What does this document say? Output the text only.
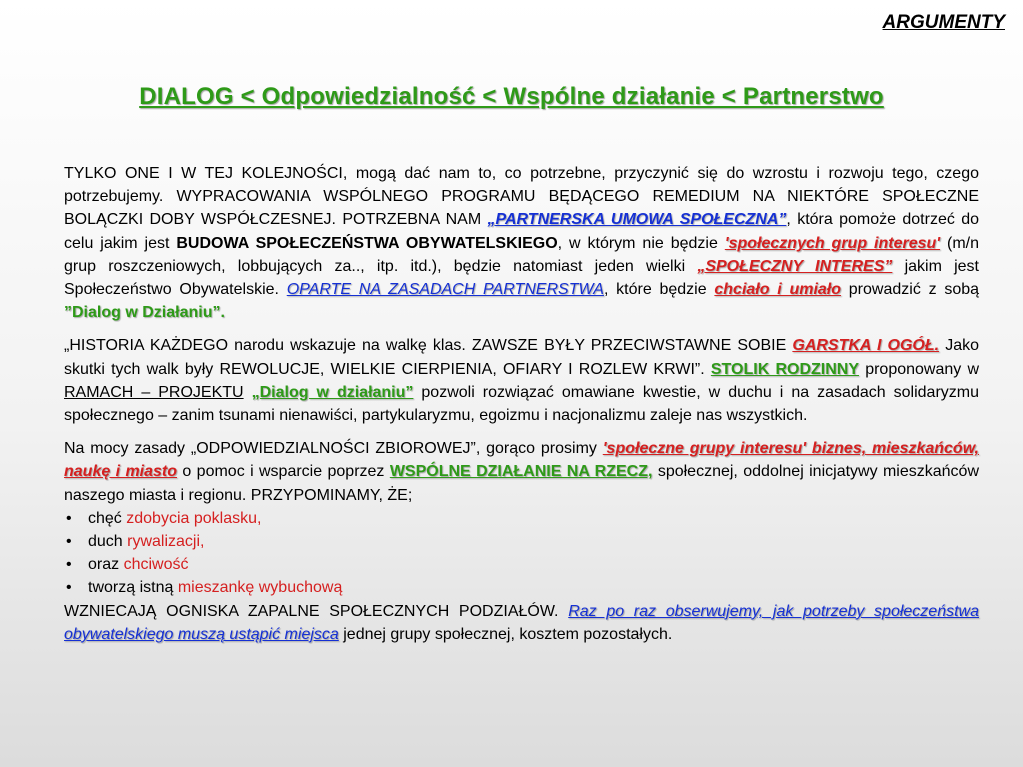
ARGUMENTY
DIALOG < Odpowiedzialność < Wspólne działanie < Partnerstwo

TYLKO ONE I W TEJ KOLEJNOŚCI, mogą dać nam to, co potrzebne, przyczynić się do wzrostu i rozwoju tego, czego potrzebujemy. WYPRACOWANIA WSPÓLNEGO PROGRAMU BĘDĄCEGO REMEDIUM NA NIEKTÓRE SPOŁECZNE BOLĄCZKI DOBY WSPÓŁCZESNEJ. POTRZEBNA NAM „PARTNERSKA UMOWA SPOŁECZNA”, która pomoże dotrzeć do celu jakim jest BUDOWA SPOŁECZEŃSTWA OBYWATELSKIEGO, w którym nie będzie 'społecznych grup interesu' (m/n grup roszczeniowych, lobbujących za.., itp. itd.), będzie natomiast jeden wielki „SPOŁECZNY INTERES” jakim jest Społeczeństwo Obywatelskie. OPARTE NA ZASADACH PARTNERSTWA, które będzie chciało i umiało prowadzić z sobą ”Dialog w Działaniu”.

„HISTORIA KAŻDEGO narodu wskazuje na walkę klas. ZAWSZE BYŁY PRZECIWSTAWNE SOBIE GARSTKA I OGÓŁ. Jako skutki tych walk były REWOLUCJE, WIELKIE CIERPIENIA, OFIARY I ROZLEW KRWI”. STOLIK RODZINNY proponowany w RAMACH – PROJEKTU „Dialog w działaniu” pozwoli rozwiązać omawiane kwestie, w duchu i na zasadach solidaryzmu społecznego – zanim tsunami nienawiści, partykularyzmu, egoizmu i nacjonalizmu zaleje nas wszystkich.

Na mocy zasady „ODPOWIEDZIALNOŚCI ZBIOROWEJ”, gorąco prosimy 'społeczne grupy interesu' biznes, mieszkańców, naukę i miasto o pomoc i wsparcie poprzez WSPÓLNE DZIAŁANIE NA RZECZ, społecznej, oddolnej inicjatywy mieszkańców naszego miasta i regionu. PRZYPOMINAMY, ŻE;

• chęć zdobycia poklasku,
• duch rywalizacji,
• oraz chciwość
• tworzą istną mieszankę wybuchową

WZNIECAJĄ OGNISKA ZAPALNE SPOŁECZNYCH PODZIAŁÓW. Raz po raz obserwujemy, jak potrzeby społeczeństwa obywatelskiego muszą ustąpić miejsca jednej grupy społecznej, kosztem pozostałych.
